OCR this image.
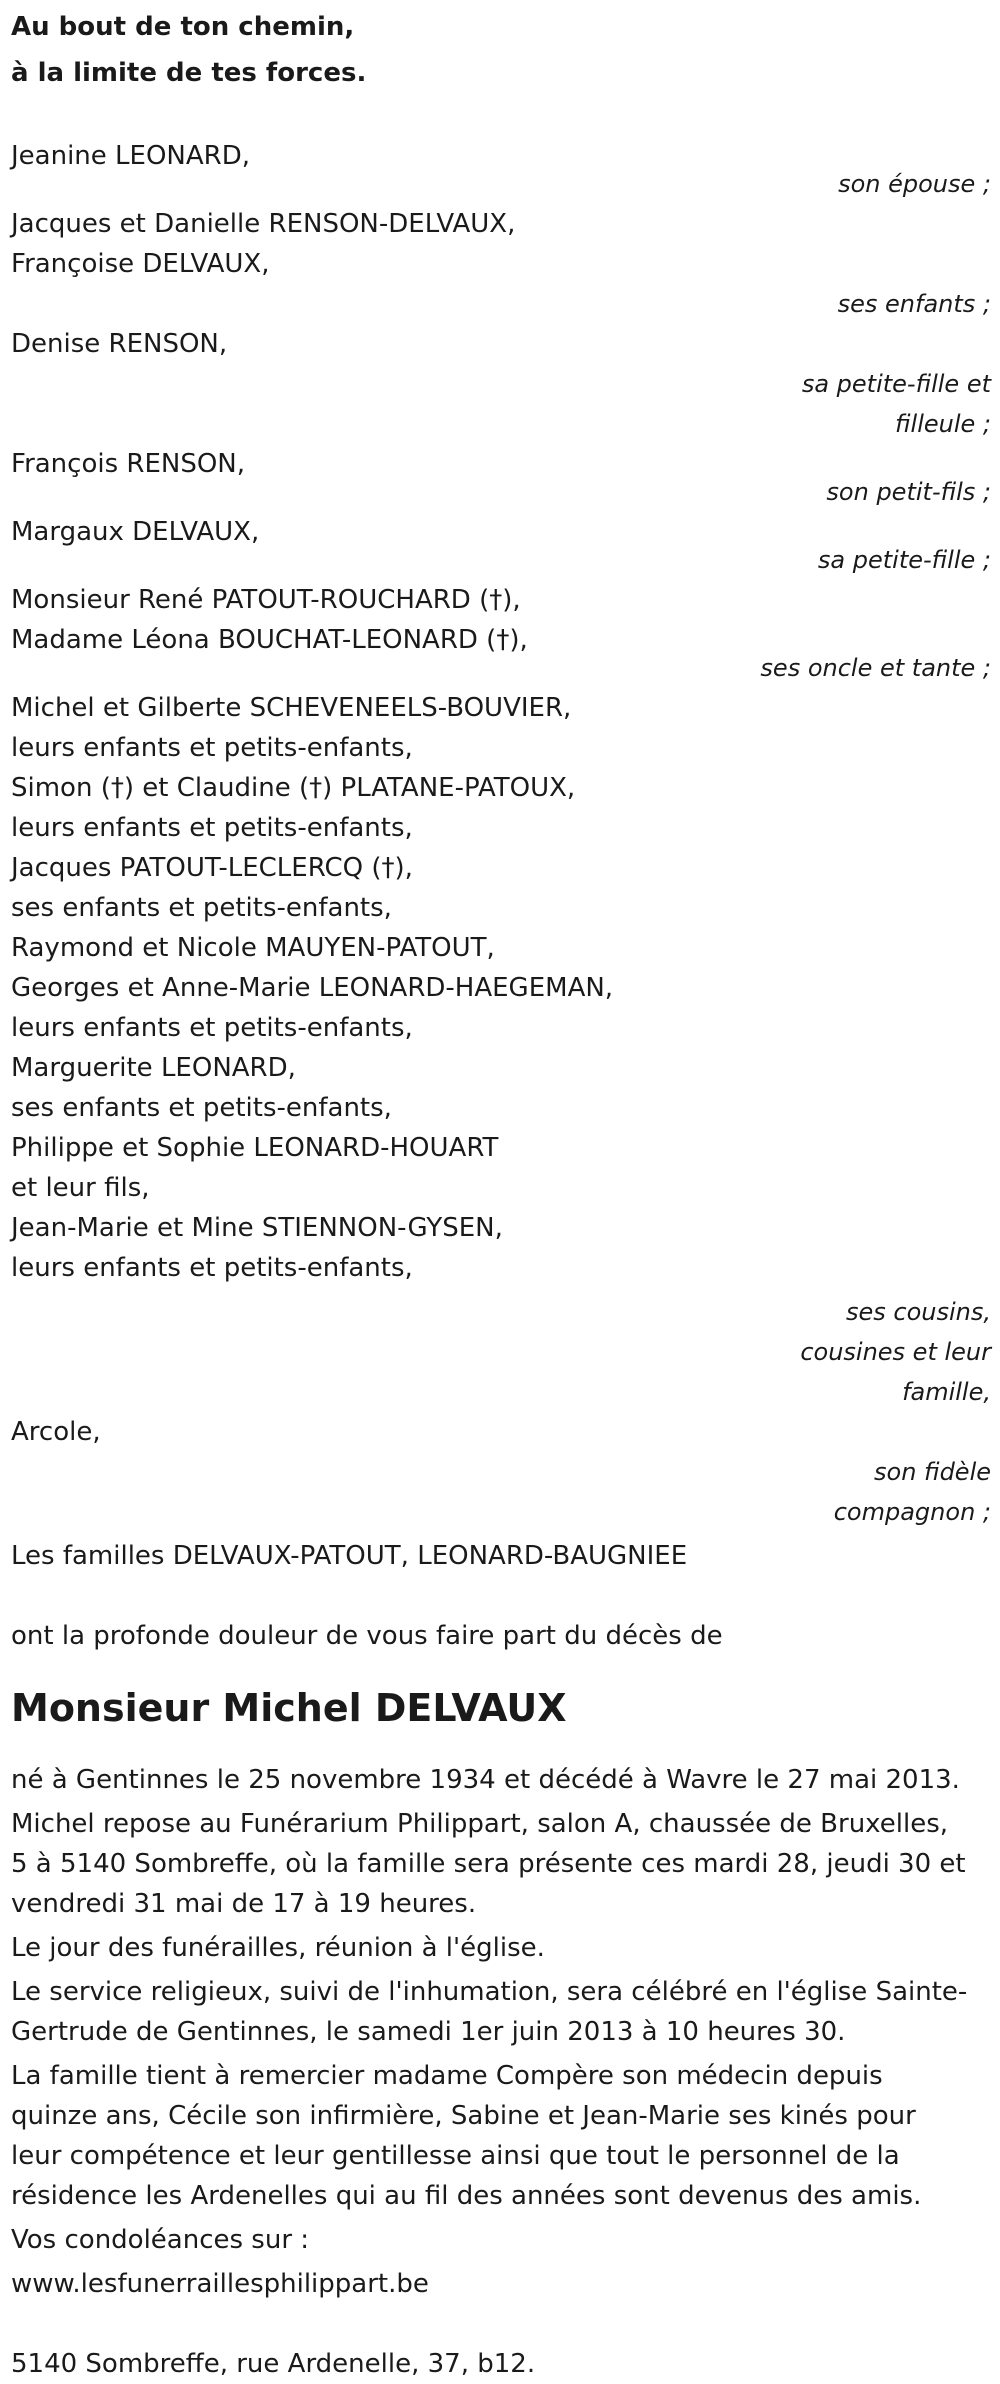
Au bout de ton chemin,
à la limite de tes forces.
Jeanine LEONARD,
son épouse ;
Jacques et Danielle RENSON-DELVAUX,
Françoise DELVAUX,
ses enfants ;
Denise RENSON,
sa petite-fille et
filleule ;
François RENSON,
son petit-fils ;
Margaux DELVAUX,
sa petite-fille ;
Monsieur René PATOUT-ROUCHARD (†),
Madame Léona BOUCHAT-LEONARD (†),
ses oncle et tante ;
Michel et Gilberte SCHEVENEELS-BOUVIER,
leurs enfants et petits-enfants,
Simon (†) et Claudine (†) PLATANE-PATOUX,
leurs enfants et petits-enfants,
Jacques PATOUT-LECLERCQ (†),
ses enfants et petits-enfants,
Raymond et Nicole MAUYEN-PATOUT,
Georges et Anne-Marie LEONARD-HAEGEMAN,
leurs enfants et petits-enfants,
Marguerite LEONARD,
ses enfants et petits-enfants,
Philippe et Sophie LEONARD-HOUART
et leur fils,
Jean-Marie et Mine STIENNON-GYSEN,
leurs enfants et petits-enfants,
ses cousins,
cousines et leur
famille,
Arcole,
son fidèle
compagnon ;
Les familles DELVAUX-PATOUT, LEONARD-BAUGNIEE
ont la profonde douleur de vous faire part du décès de
Monsieur Michel DELVAUX

né à Gentinnes le 25 novembre 1934 et décédé à Wavre le 27 mai 2013.

Michel repose au Funérarium Philippart, salon A, chaussée de Bruxelles, 5 à 5140 Sombreffe, où la famille sera présente ces mardi 28, jeudi 30 et vendredi 31 mai de 17 à 19 heures.

Le jour des funérailles, réunion à l'église.

Le service religieux, suivi de l'inhumation, sera célébré en l'église Sainte-Gertrude de Gentinnes, le samedi 1er juin 2013 à 10 heures 30.

La famille tient à remercier madame Compère son médecin depuis quinze ans, Cécile son infirmière, Sabine et Jean-Marie ses kinés pour leur compétence et leur gentillesse ainsi que tout le personnel de la résidence les Ardenelles qui au fil des années sont devenus des amis.

Vos condoléances sur :

www.lesfunerraillesphilippart.be

5140 Sombreffe, rue Ardenelle, 37, b12.
